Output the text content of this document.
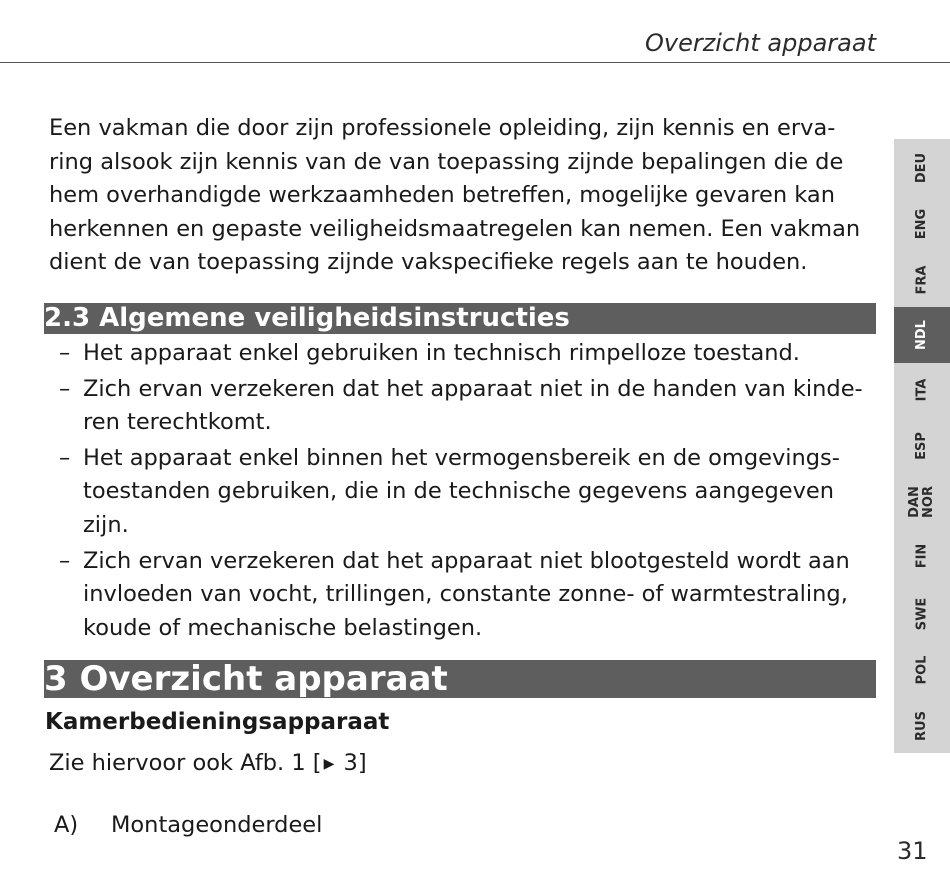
Overzicht apparaat
Een vakman die door zijn professionele opleiding, zijn kennis en erva-
ring alsook zijn kennis van de van toepassing zijnde bepalingen die de
hem overhandigde werkzaamheden betreffen, mogelijke gevaren kan
herkennen en gepaste veiligheidsmaatregelen kan nemen. Een vakman
dient de van toepassing zijnde vakspecifieke regels aan te houden.
2.3 Algemene veiligheidsinstructies
– Het apparaat enkel gebruiken in technisch rimpelloze toestand.
– Zich ervan verzekeren dat het apparaat niet in de handen van kinde-
ren terechtkomt.
– Het apparaat enkel binnen het vermogensbereik en de omgevings-
toestanden gebruiken, die in de technische gegevens aangegeven
zijn.
– Zich ervan verzekeren dat het apparaat niet blootgesteld wordt aan
invloeden van vocht, trillingen, constante zonne- of warmtestraling,
koude of mechanische belastingen.
3 Overzicht apparaat
Kamerbedieningsapparaat
Zie hiervoor ook Afb. 1 [ ▶ 3]
A) Montageonderdeel
31
DEU
ENG
FRA
NDL
ITA
ESP
DAN NOR
FIN
SWE
POL
RUS
